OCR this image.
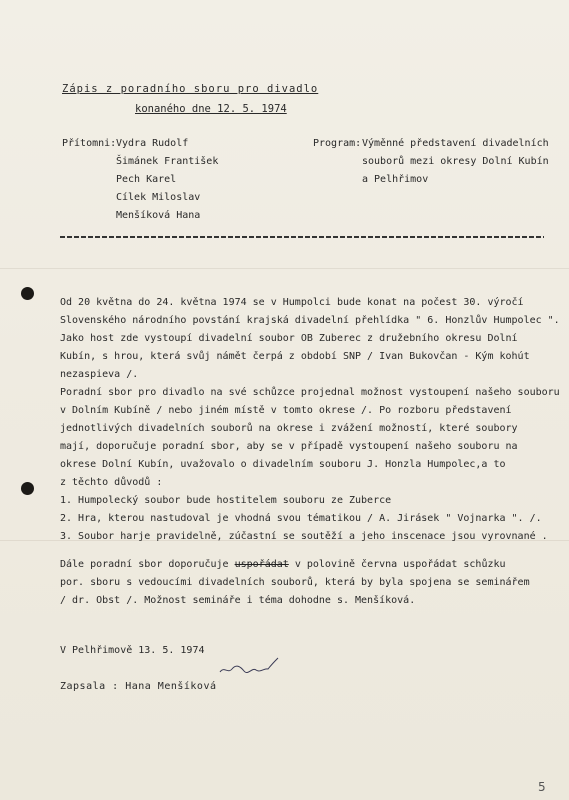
Zápis z poradního sboru pro divadlo
konaného dne 12. 5. 1974
Přítomni: Vydra Rudolf
Šimánek František
Pech Karel
Cílek Miloslav
Menšíková Hana
Program: Výměnné představení divadelních
souborů mezi okresy Dolní Kubín
a Pelhřimov
Od 20 května do 24. května 1974 se v Humpolci bude konat na počest 30. výročí
Slovenského národního povstání krajská divadelní přehlídka " 6. Honzlův Humpolec ".
Jako host zde vystoupí divadelní soubor OB Zuberec z družebního okresu Dolní
Kubín, s hrou, která svůj námět čerpá z období SNP / Ivan Bukovčan - Kým kohút
nezaspieva /.
Poradní sbor pro divadlo na své schůzce projednal možnost vystoupení našeho souboru
v Dolním Kubíně / nebo jiném místě v tomto okrese /. Po rozboru představení
jednotlivých divadelních souborů na okrese i zvážení možností, které soubory
mají, doporučuje poradní sbor, aby se v případě vystoupení našeho souboru na
okrese Dolní Kubín, uvažovalo o divadelním souboru J. Honzla Humpolec,a to
z těchto důvodů :
1. Humpolecký soubor bude hostitelem souboru ze Zuberce
2. Hra, kterou nastudoval je vhodná svou tématikou / A. Jirásek " Vojnarka ". /.
3. Soubor harje pravidelně, zúčastní se soutěží a jeho inscenace jsou vyrovnané .
Dále poradní sbor doporučuje uspořádat v polovině června uspořádat schůzku
por. sboru s vedoucími divadelních souborů, která by byla spojena se seminářem
/ dr. Obst /. Možnost semináře i téma dohodne s. Menšíková.
V Pelhřimově 13. 5. 1974
Zapsala : Hana Menšíková
5
